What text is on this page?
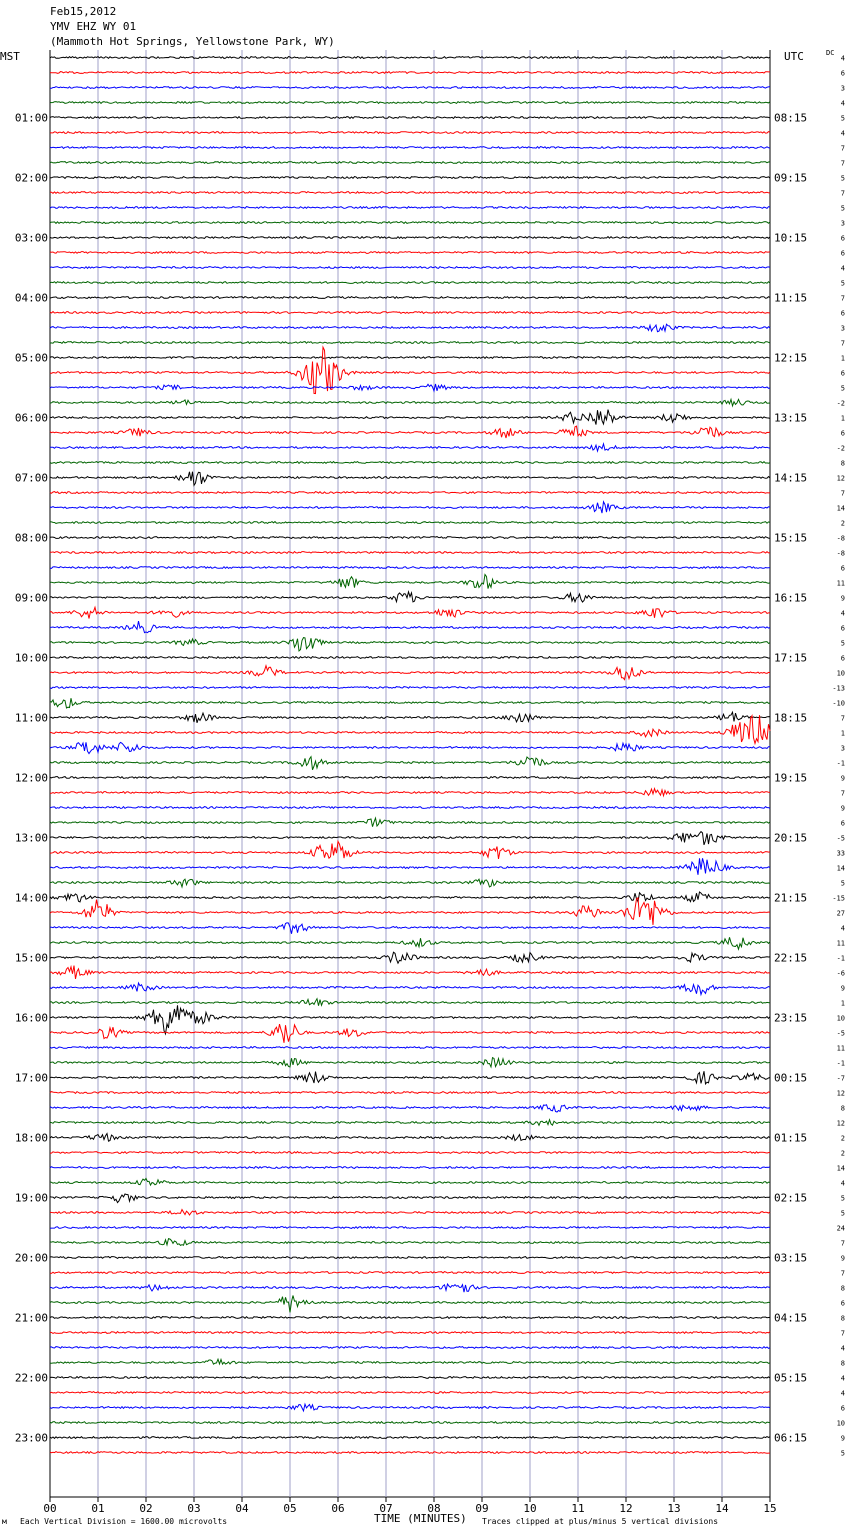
Feb15,2012
YMV EHZ WY 01
(Mammoth Hot Springs, Yellowstone Park, WY)
MST	UTC	DC
00	01	02	03	04	05	06	07	08	09	10	11	12	13	14	15
4
6
3
4
5
4
7
7
5
7
5
3
6
6
4
5
7
6
3
7
1
6
5
-2
1
6
-2
8
12
7
14
2
-8
-8
6
11
9
4
6
5
6
10
-13
-10
7
1
3
-1
9
7
9
6
-5
33
14
5
-15
27
4
11
-1
-6
9
1
10
-5
11
-1
-7
12
8
12
2
2
14
4
5
5
24
7
9
7
8
6
8
7
4
8
4
4
6
10
9
5
01:00
02:00
03:00
04:00
05:00
06:00
07:00
08:00
09:00
10:00
11:00
12:00
13:00
14:00
15:00
16:00
17:00
18:00
19:00
20:00
21:00
22:00
23:00
08:15
09:15
10:15
11:15
12:15
13:15
14:15
15:15
16:15
17:15
18:15
19:15
20:15
21:15
22:15
23:15
00:15
01:15
02:15
03:15
04:15
05:15
06:15
м Each Vertical Division = 1600.00 microvolts	TIME (MINUTES) Traces clipped at plus/minus 5 vertical divisions
